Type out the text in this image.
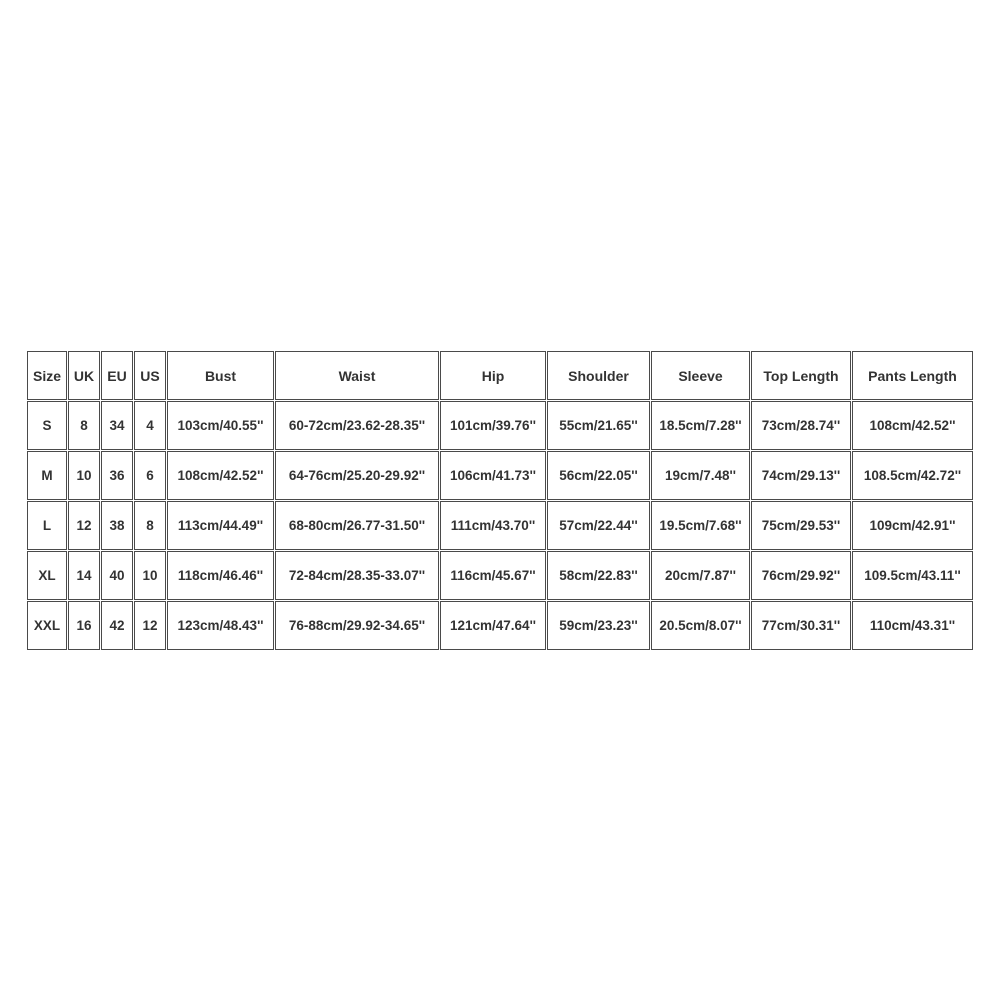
Size	UK	EU	US	Bust	Waist	Hip	Shoulder	Sleeve	Top Length	Pants Length
S	8	34	4	103cm/40.55''	60-72cm/23.62-28.35''	101cm/39.76''	55cm/21.65''	18.5cm/7.28''	73cm/28.74''	108cm/42.52''
M	10	36	6	108cm/42.52''	64-76cm/25.20-29.92''	106cm/41.73''	56cm/22.05''	19cm/7.48''	74cm/29.13''	108.5cm/42.72''
L	12	38	8	113cm/44.49''	68-80cm/26.77-31.50''	111cm/43.70''	57cm/22.44''	19.5cm/7.68''	75cm/29.53''	109cm/42.91''
XL	14	40	10	118cm/46.46''	72-84cm/28.35-33.07''	116cm/45.67''	58cm/22.83''	20cm/7.87''	76cm/29.92''	109.5cm/43.11''
XXL	16	42	12	123cm/48.43''	76-88cm/29.92-34.65''	121cm/47.64''	59cm/23.23''	20.5cm/8.07''	77cm/30.31''	110cm/43.31''
